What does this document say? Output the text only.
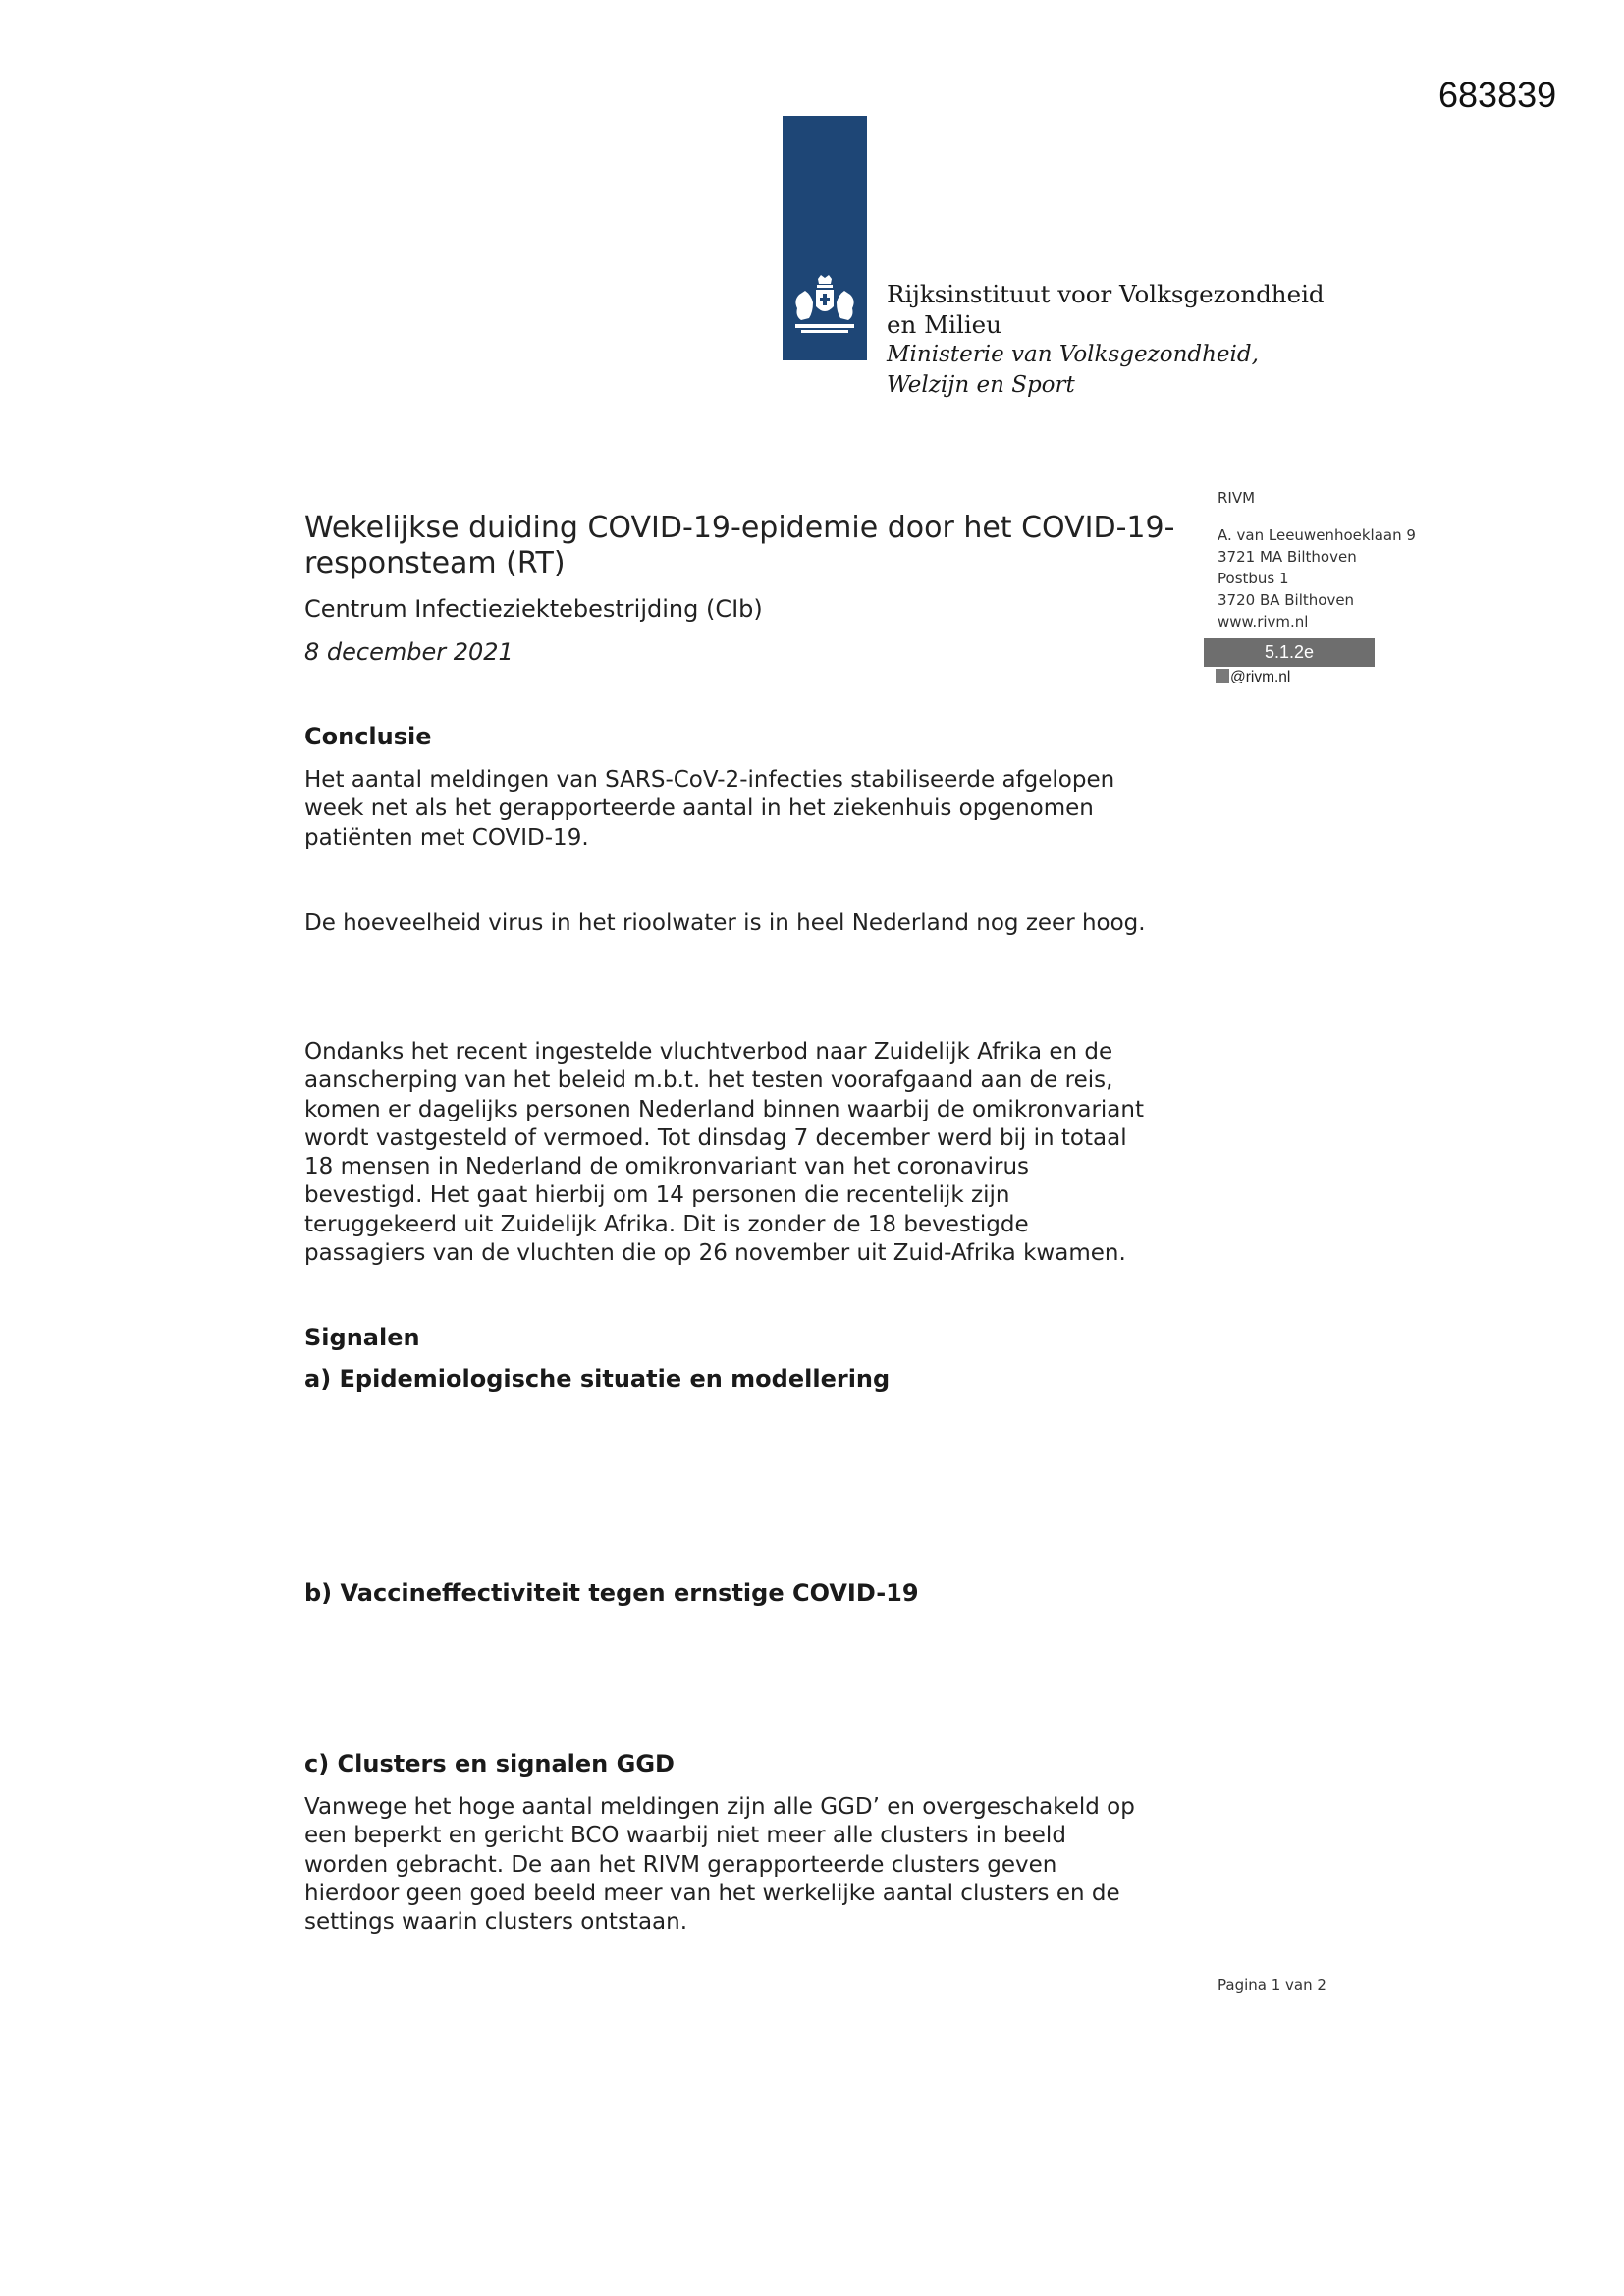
683839
Rijksinstituut voor Volksgezondheid
en Milieu
Ministerie van Volksgezondheid,
Welzijn en Sport
RIVM
A. van Leeuwenhoeklaan 9
3721 MA Bilthoven
Postbus 1
3720 BA Bilthoven
www.rivm.nl
5.1.2e
@rivm.nl
Wekelijkse duiding COVID-19-epidemie door het COVID-19-
responsteam (RT)
Centrum Infectieziektebestrijding (CIb)
8 december 2021
Conclusie
Het aantal meldingen van SARS-CoV-2-infecties stabiliseerde afgelopen
week net als het gerapporteerde aantal in het ziekenhuis opgenomen
patiënten met COVID-19.
De hoeveelheid virus in het rioolwater is in heel Nederland nog zeer hoog.
Ondanks het recent ingestelde vluchtverbod naar Zuidelijk Afrika en de
aanscherping van het beleid m.b.t. het testen voorafgaand aan de reis,
komen er dagelijks personen Nederland binnen waarbij de omikronvariant
wordt vastgesteld of vermoed. Tot dinsdag 7 december werd bij in totaal
18 mensen in Nederland de omikronvariant van het coronavirus
bevestigd. Het gaat hierbij om 14 personen die recentelijk zijn
teruggekeerd uit Zuidelijk Afrika. Dit is zonder de 18 bevestigde
passagiers van de vluchten die op 26 november uit Zuid-Afrika kwamen.
Signalen
a) Epidemiologische situatie en modellering
b) Vaccineffectiviteit tegen ernstige COVID-19
c) Clusters en signalen GGD
Vanwege het hoge aantal meldingen zijn alle GGD’ en overgeschakeld op
een beperkt en gericht BCO waarbij niet meer alle clusters in beeld
worden gebracht. De aan het RIVM gerapporteerde clusters geven
hierdoor geen goed beeld meer van het werkelijke aantal clusters en de
settings waarin clusters ontstaan.
Pagina 1 van 2
